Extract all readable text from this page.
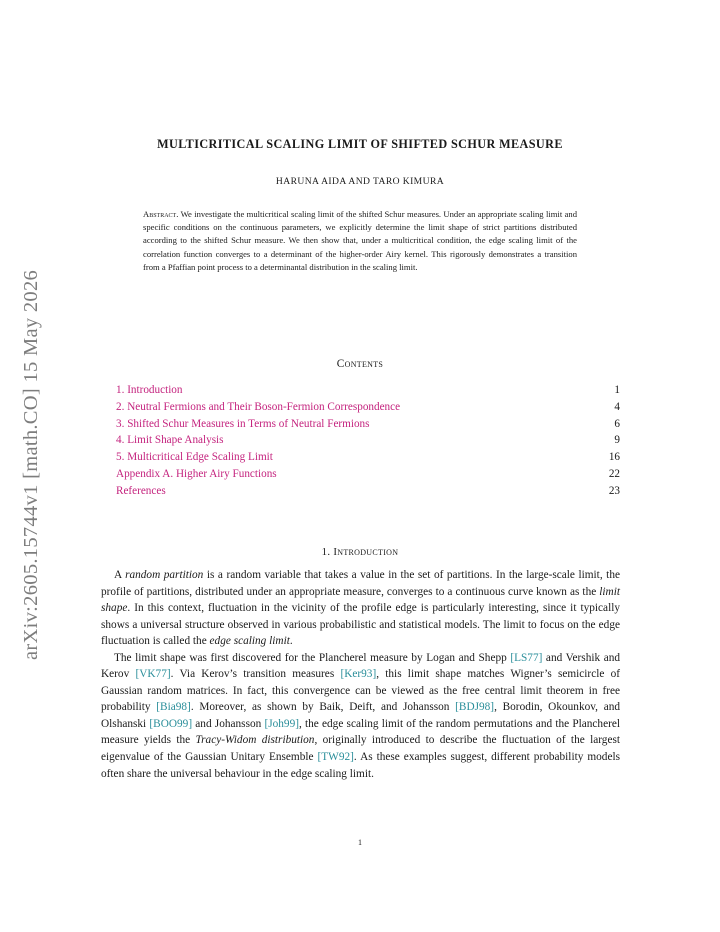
arXiv:2605.15744v1 [math.CO] 15 May 2026
MULTICRITICAL SCALING LIMIT OF SHIFTED SCHUR MEASURE
HARUNA AIDA AND TARO KIMURA
Abstract. We investigate the multicritical scaling limit of the shifted Schur measures. Under an appropriate scaling limit and specific conditions on the continuous parameters, we explicitly determine the limit shape of strict partitions distributed according to the shifted Schur measure. We then show that, under a multicritical condition, the edge scaling limit of the correlation function converges to a determinant of the higher-order Airy kernel. This rigorously demonstrates a transition from a Pfaffian point process to a determinantal distribution in the scaling limit.
Contents
1. Introduction	1
2. Neutral Fermions and Their Boson-Fermion Correspondence	4
3. Shifted Schur Measures in Terms of Neutral Fermions	6
4. Limit Shape Analysis	9
5. Multicritical Edge Scaling Limit	16
Appendix A. Higher Airy Functions	22
References	23
1. Introduction

A random partition is a random variable that takes a value in the set of partitions. In the large-scale limit, the profile of partitions, distributed under an appropriate measure, converges to a continuous curve known as the limit shape. In this context, fluctuation in the vicinity of the profile edge is particularly interesting, since it typically shows a universal structure observed in various probabilistic and statistical models. The limit to focus on the edge fluctuation is called the edge scaling limit.

The limit shape was first discovered for the Plancherel measure by Logan and Shepp [LS77] and Vershik and Kerov [VK77]. Via Kerov’s transition measures [Ker93], this limit shape matches Wigner’s semicircle of Gaussian random matrices. In fact, this convergence can be viewed as the free central limit theorem in free probability [Bia98]. Moreover, as shown by Baik, Deift, and Johansson [BDJ98], Borodin, Okounkov, and Olshanski [BOO99] and Johansson [Joh99], the edge scaling limit of the random permutations and the Plancherel measure yields the Tracy-Widom distribution, originally introduced to describe the fluctuation of the largest eigenvalue of the Gaussian Unitary Ensemble [TW92]. As these examples suggest, different probability models often share the universal behaviour in the edge scaling limit.

1
